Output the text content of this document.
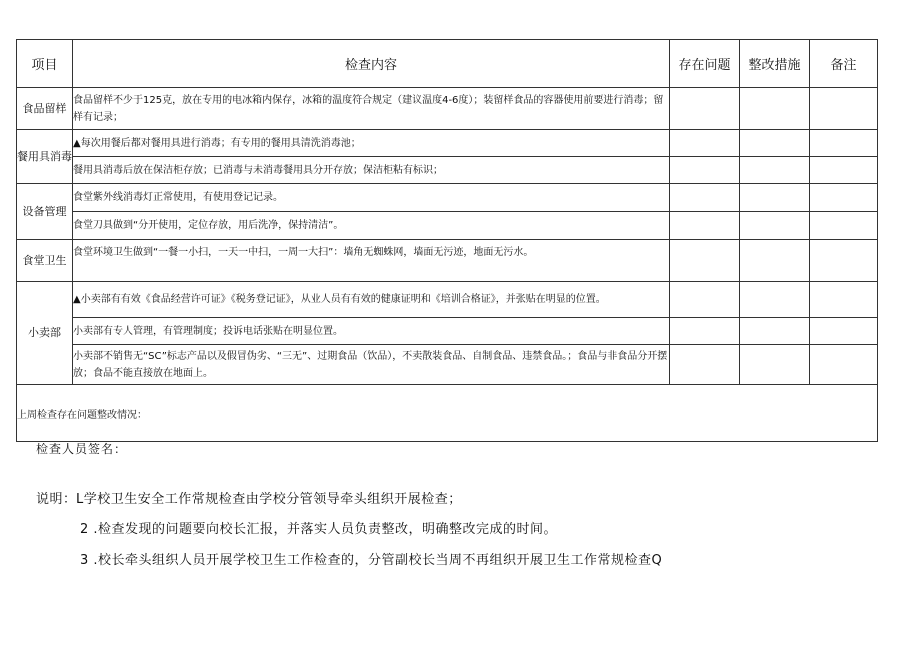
项目	检查内容	存在问题	整改措施	备注
食品留样	食品留样不少于125克，放在专用的电冰箱内保存，冰箱的温度符合规定（建议温度4-6度）；装留样食品的容器使用前要进行消毒；留样有记录；			
餐用具消毒	▲每次用餐后都对餐用具进行消毒；有专用的餐用具清洗消毒池；			
	餐用具消毒后放在保洁柜存放；已消毒与未消毒餐用具分开存放；保洁柜粘有标识；			
设备管理	食堂紫外线消毒灯正常使用，有使用登记记录。			
	食堂刀具做到“分开使用，定位存放，用后洗净，保持清洁”。			
食堂卫生	食堂环境卫生做到“一餐一小扫，一天一中扫，一周一大扫”：墙角无蜘蛛网，墙面无污迹，地面无污水。			
小卖部	▲小卖部有有效《食品经营许可证》《税务登记证》，从业人员有有效的健康证明和《培训合格证》，并张贴在明显的位置。			
	小卖部有专人管理，有管理制度；投诉电话张贴在明显位置。			
	小卖部不销售无“SC”标志产品以及假冒伪劣、“三无”、过期食品（饮品），不卖散装食品、自制食品、违禁食品。；食品与非食品分开摆放；食品不能直接放在地面上。			
上周检查存在问题整改情况：				
检查人员签名：
说明： L学校卫生安全工作常规检查由学校分管领导牵头组织开展检查；
2 .检查发现的问题要向校长汇报，并落实人员负责整改，明确整改完成的时间。
3 .校长牵头组织人员开展学校卫生工作检查的，分管副校长当周不再组织开展卫生工作常规检查Q
